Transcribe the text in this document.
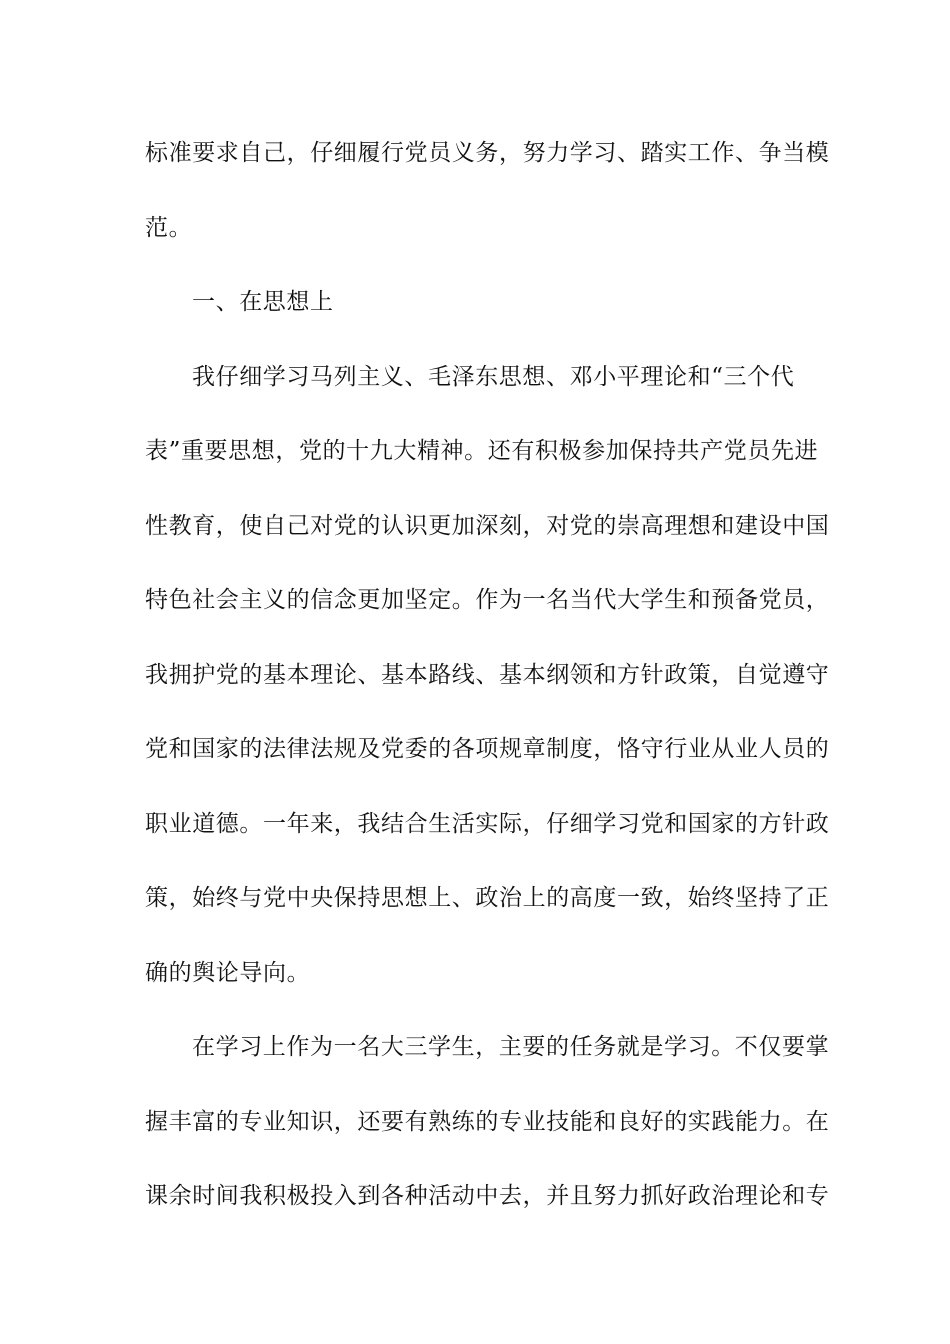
标准要求自己，仔细履行党员义务，努力学习、踏实工作、争当模
范。
一、在思想上
我仔细学习马列主义、毛泽东思想、邓小平理论和“三个代
表”重要思想，党的十九大精神。还有积极参加保持共产党员先进
性教育，使自己对党的认识更加深刻，对党的崇高理想和建设中国
特色社会主义的信念更加坚定。作为一名当代大学生和预备党员，
我拥护党的基本理论、基本路线、基本纲领和方针政策，自觉遵守
党和国家的法律法规及党委的各项规章制度，恪守行业从业人员的
职业道德。一年来，我结合生活实际，仔细学习党和国家的方针政
策，始终与党中央保持思想上、政治上的高度一致，始终坚持了正
确的舆论导向。
在学习上作为一名大三学生，主要的任务就是学习。不仅要掌
握丰富的专业知识，还要有熟练的专业技能和良好的实践能力。在
课余时间我积极投入到各种活动中去，并且努力抓好政治理论和专
